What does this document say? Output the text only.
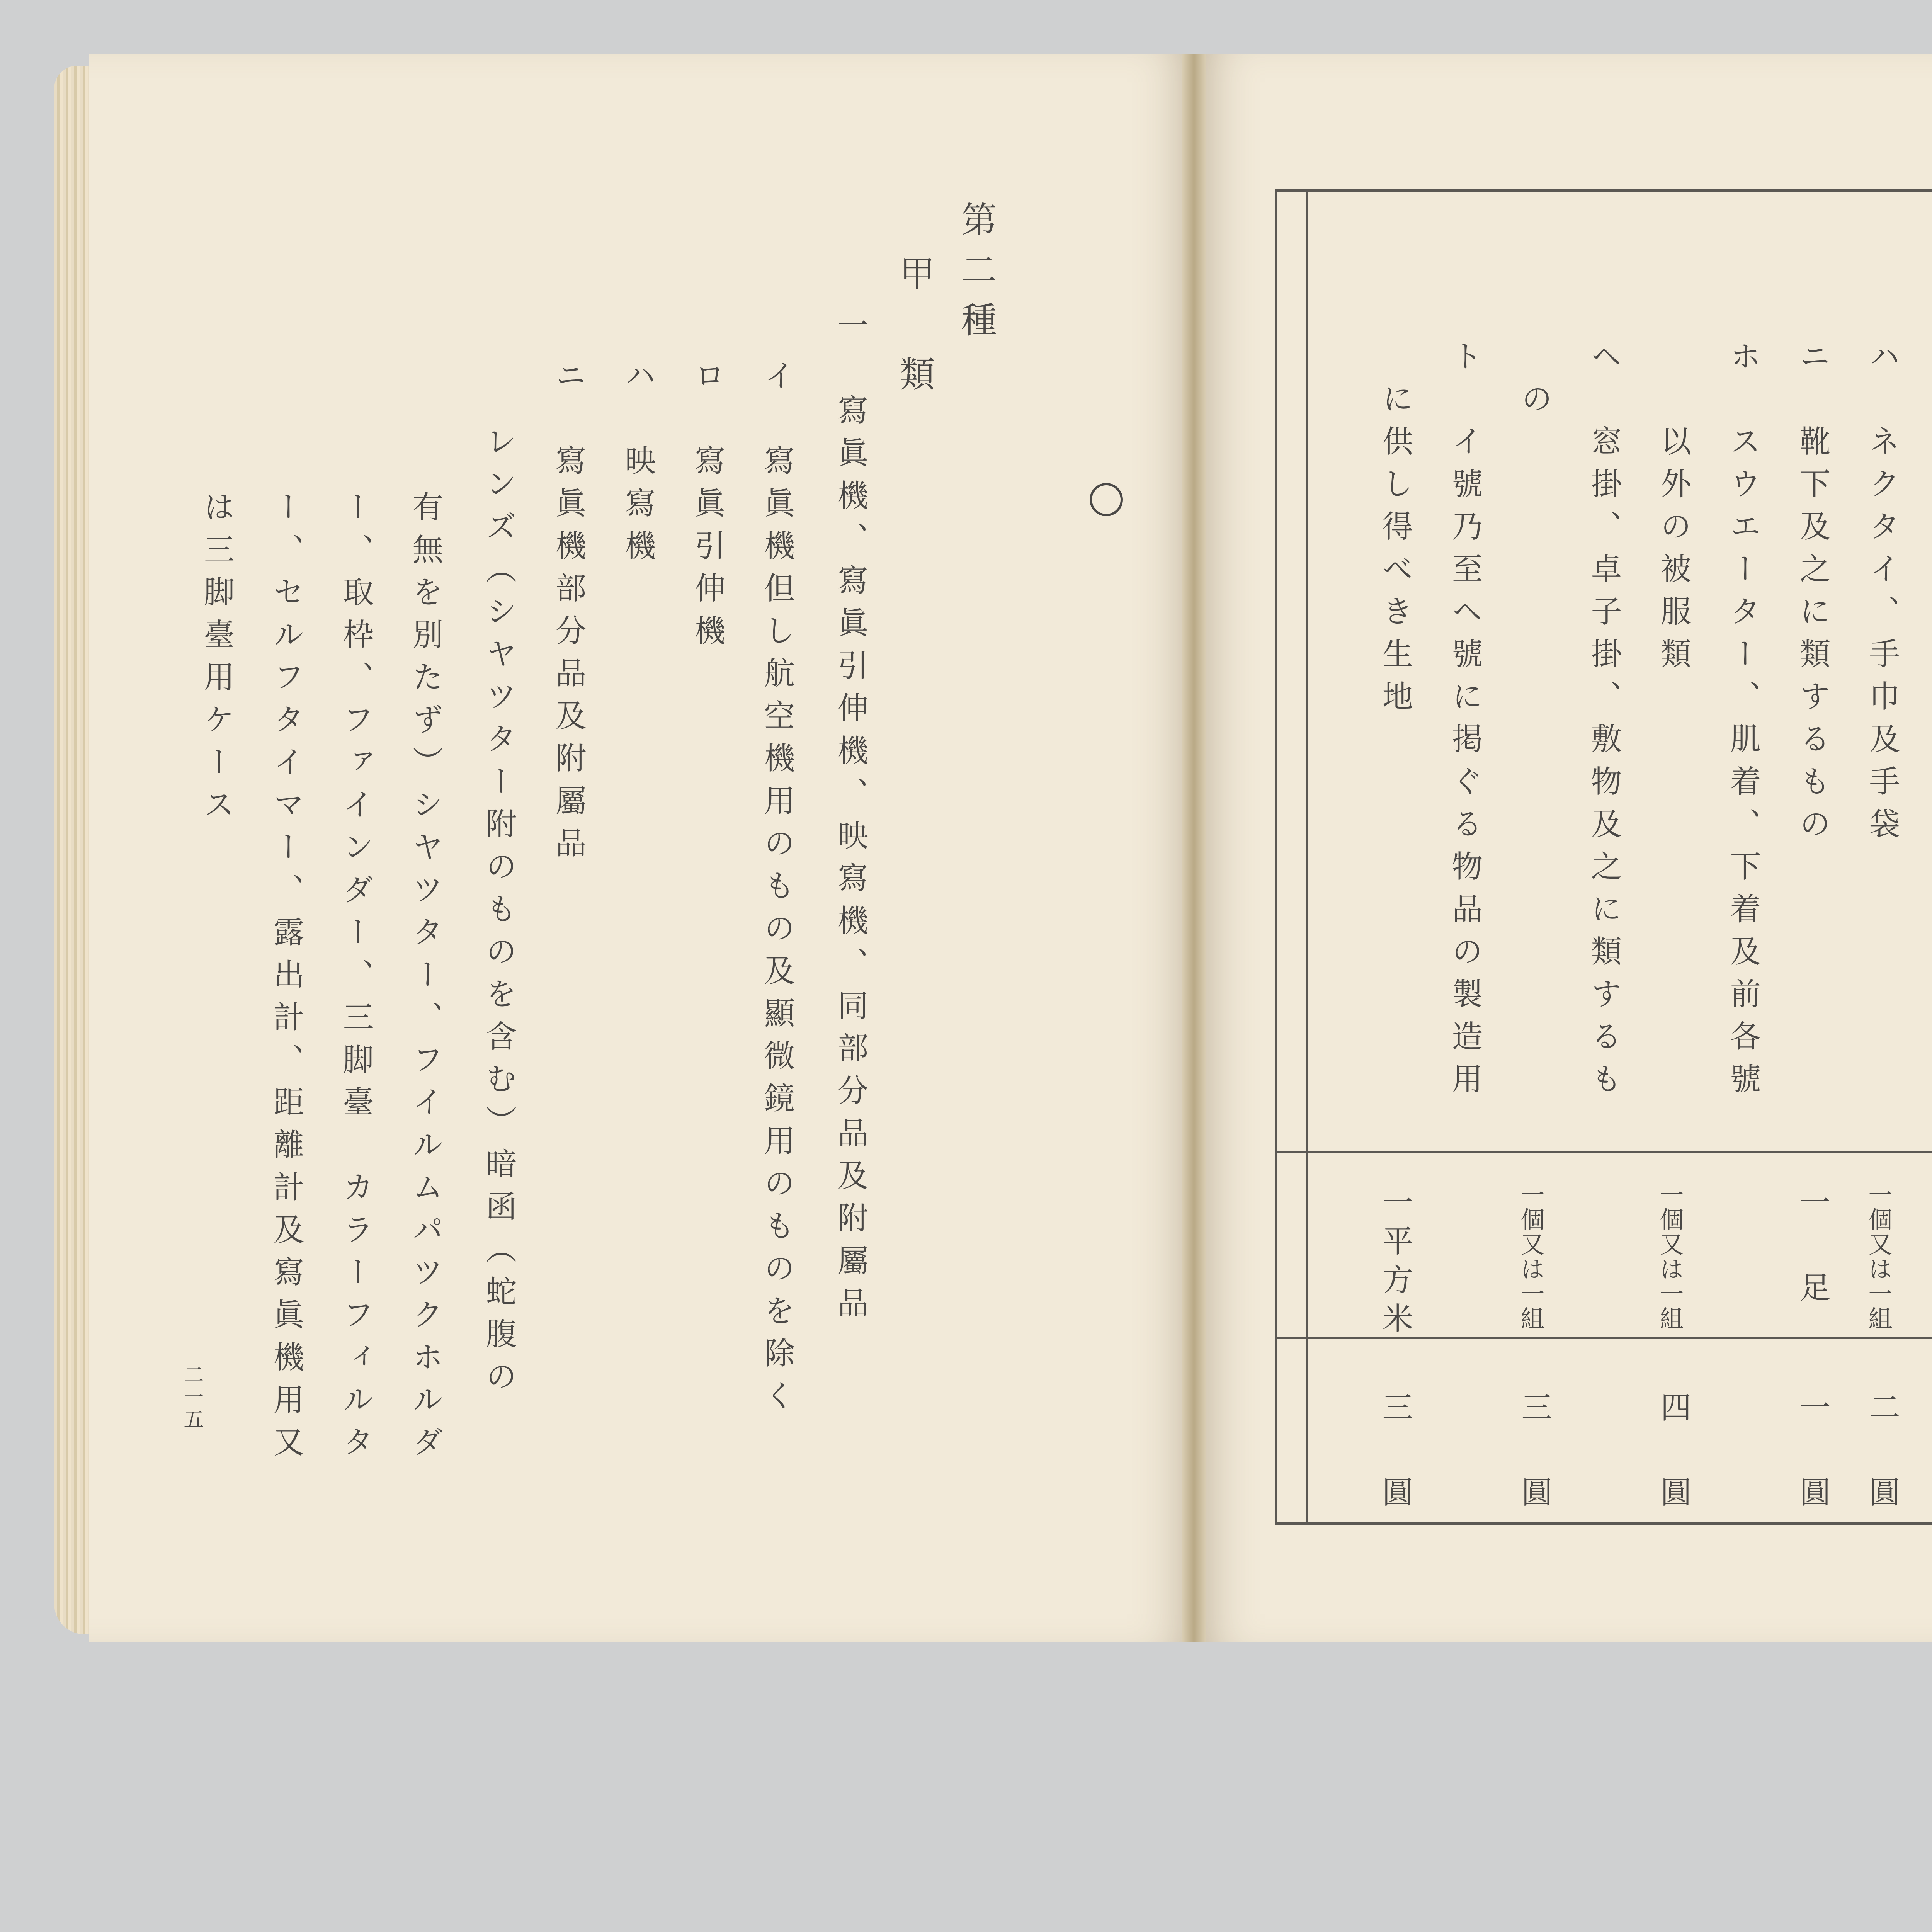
第二種
甲　類
一　寫眞機、寫眞引伸機、映寫機、同部分品及附屬品
イ　寫眞機但し航空機用のもの及顯微鏡用のものを除く
ロ　寫眞引伸機
ハ　映寫機
ニ　寫眞機部分品及附屬品
レンズ（シヤツター附のものを含む）暗函（蛇腹の
有無を別たず）シヤツター、フイルムパツクホルダ
ー、取枠、ファインダー、三脚臺　カラーフィルタ
ー、セルフタイマー、露出計、距離計及寫眞機用又
は三脚臺用ケース
二一五
ハ　ネクタイ、手巾及手袋
ニ　靴下及之に類するもの
ホ　スウエーター、肌着、下着及前各號
　　以外の被服類
ヘ　窓掛、卓子掛、敷物及之に類するも
　の
ト　イ號乃至ヘ號に掲ぐる物品の製造用
　に供し得べき生地
一個又は一組
一　足
一個又は一組
一個又は一組
一平方米
二　圓
一　圓
四　圓
三　圓
三　圓
